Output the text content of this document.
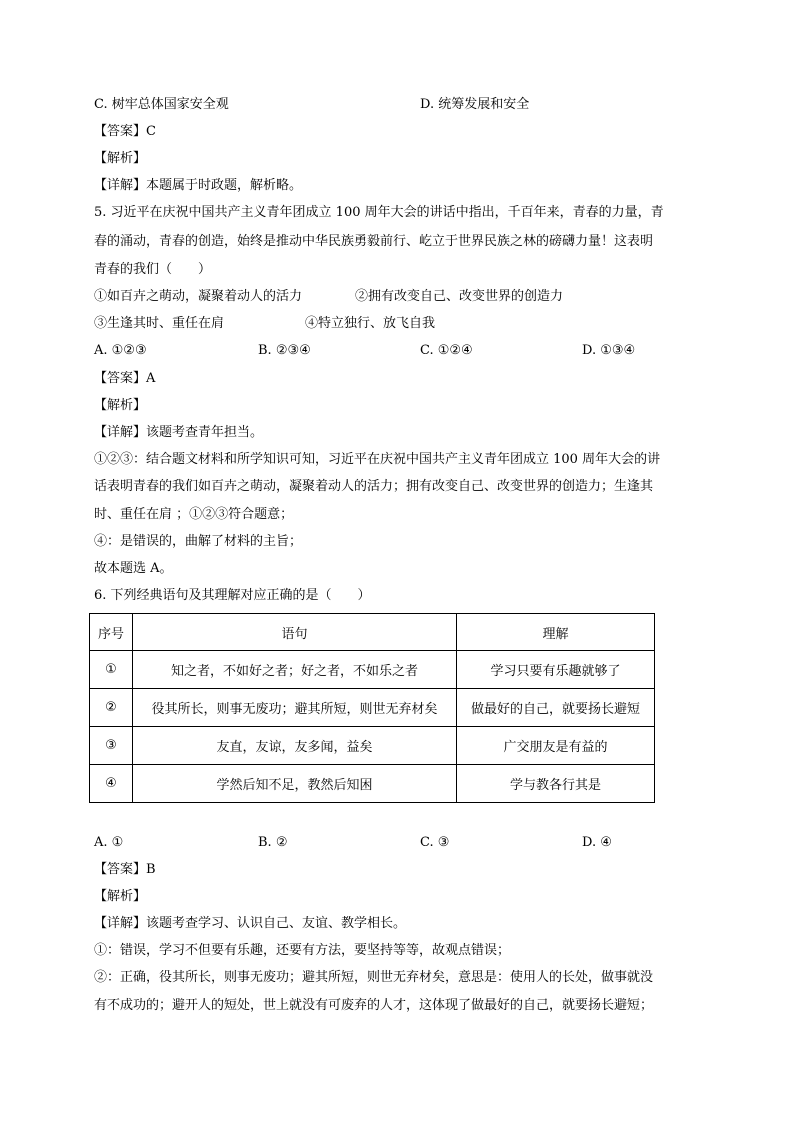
C. 树牢总体国家安全观	D. 统筹发展和安全
【答案】C
【解析】
【详解】本题属于时政题，解析略。
5. 习近平在庆祝中国共产主义青年团成立 100 周年大会的讲话中指出，千百年来，青春的力量，青
春的涌动，青春的创造，始终是推动中华民族勇毅前行、屹立于世界民族之林的磅礴力量！这表明
青春的我们（　　）
①如百卉之萌动，凝聚着动人的活力	②拥有改变自己、改变世界的创造力
③生逢其时、重任在肩	④特立独行、放飞自我
A. ①②③	B. ②③④	C. ①②④	D. ①③④
【答案】A
【解析】
【详解】该题考查青年担当。
①②③：结合题文材料和所学知识可知，习近平在庆祝中国共产主义青年团成立 100 周年大会的讲
话表明青春的我们如百卉之萌动，凝聚着动人的活力；拥有改变自己、改变世界的创造力；生逢其
时、重任在肩 ；①②③符合题意；
④：是错误的，曲解了材料的主旨；
故本题选 A。
6. 下列经典语句及其理解对应正确的是（　　）
序号	语句	理解
①	知之者，不如好之者；好之者，不如乐之者	学习只要有乐趣就够了
②	役其所长，则事无废功；避其所短，则世无弃材矣	做最好的自己，就要扬长避短
③	友直，友谅，友多闻，益矣	广交朋友是有益的
④	学然后知不足，教然后知困	学与教各行其是
A. ①	B. ②	C. ③	D. ④
【答案】B
【解析】
【详解】该题考查学习、认识自己、友谊、教学相长。
①：错误，学习不但要有乐趣，还要有方法，要坚持等等，故观点错误；
②：正确，役其所长，则事无废功；避其所短，则世无弃材矣，意思是：使用人的长处，做事就没
有不成功的；避开人的短处，世上就没有可废弃的人才，这体现了做最好的自己，就要扬长避短；
